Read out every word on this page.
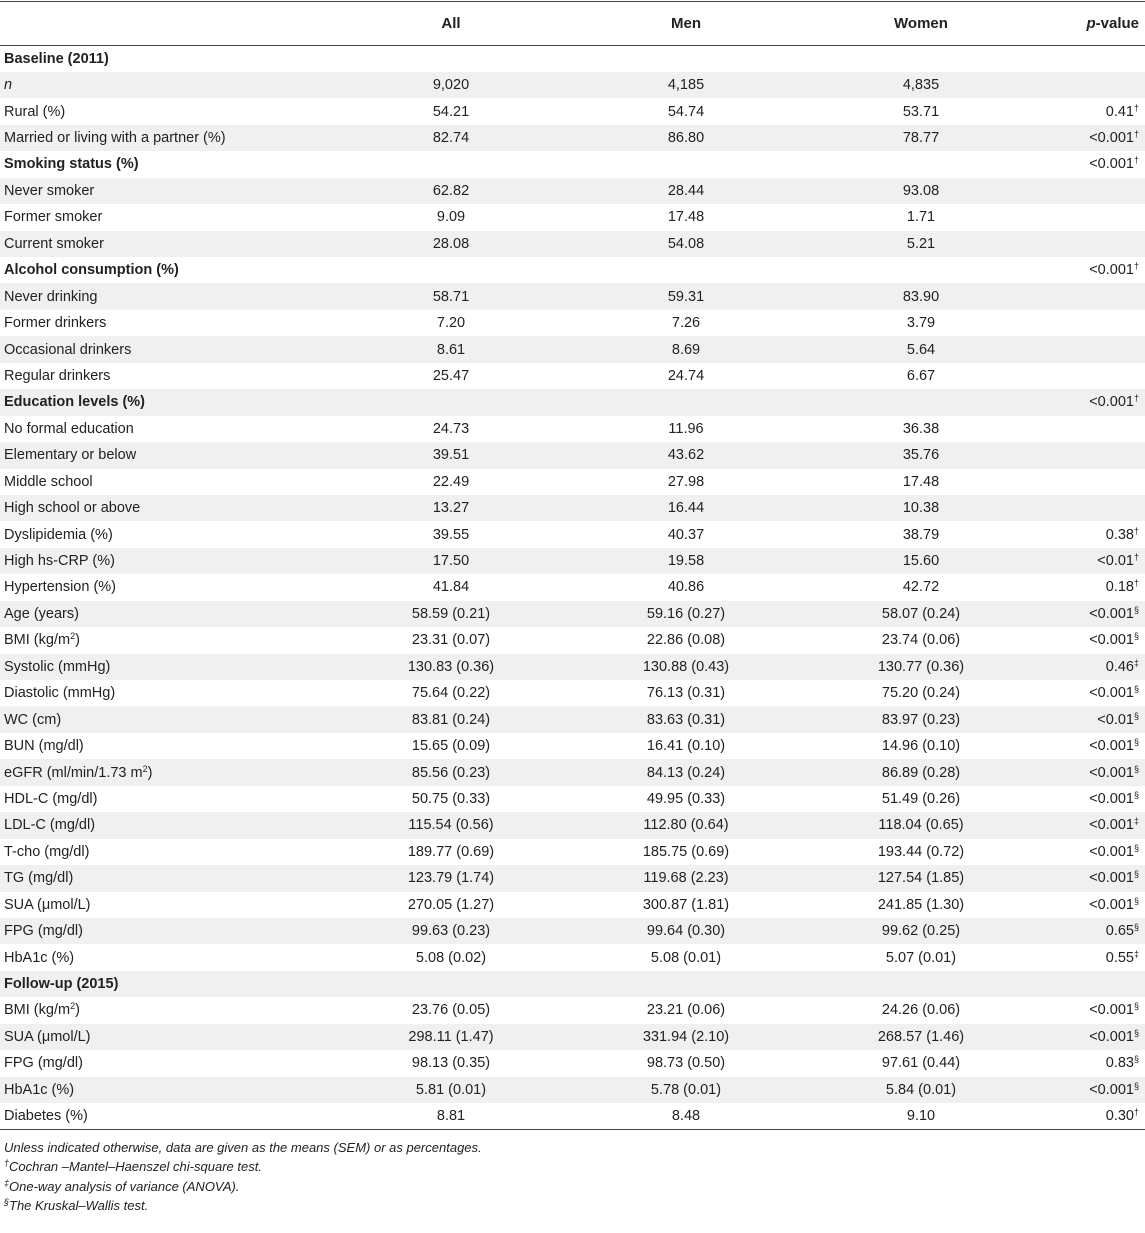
	All	Men	Women	p-value
Baseline (2011)				
n	9,020	4,185	4,835	
Rural (%)	54.21	54.74	53.71	0.41†
Married or living with a partner (%)	82.74	86.80	78.77	<0.001†
Smoking status (%)				<0.001†
Never smoker	62.82	28.44	93.08	
Former smoker	9.09	17.48	1.71	
Current smoker	28.08	54.08	5.21	
Alcohol consumption (%)				<0.001†
Never drinking	58.71	59.31	83.90	
Former drinkers	7.20	7.26	3.79	
Occasional drinkers	8.61	8.69	5.64	
Regular drinkers	25.47	24.74	6.67	
Education levels (%)				<0.001†
No formal education	24.73	11.96	36.38	
Elementary or below	39.51	43.62	35.76	
Middle school	22.49	27.98	17.48	
High school or above	13.27	16.44	10.38	
Dyslipidemia (%)	39.55	40.37	38.79	0.38†
High hs-CRP (%)	17.50	19.58	15.60	<0.01†
Hypertension (%)	41.84	40.86	42.72	0.18†
Age (years)	58.59 (0.21)	59.16 (0.27)	58.07 (0.24)	<0.001§
BMI $(kg/m^2)$	23.31 (0.07)	22.86 (0.08)	23.74 (0.06)	<0.001§
Systolic (mmHg)	130.83 (0.36)	130.88 (0.43)	130.77 (0.36)	0.46‡
Diastolic (mmHg)	75.64 (0.22)	76.13 (0.31)	75.20 (0.24)	<0.001§
WC (cm)	83.81 (0.24)	83.63 (0.31)	83.97 (0.23)	<0.01§
BUN (mg/dl)	15.65 (0.09)	16.41 (0.10)	14.96 (0.10)	<0.001§
eGFR (ml/min/1.73 $m^2$)	85.56 (0.23)	84.13 (0.24)	86.89 (0.28)	<0.001§
HDL-C (mg/dl)	50.75 (0.33)	49.95 (0.33)	51.49 (0.26)	<0.001§
LDL-C (mg/dl)	115.54 (0.56)	112.80 (0.64)	118.04 (0.65)	<0.001‡
T-cho (mg/dl)	189.77 (0.69)	185.75 (0.69)	193.44 (0.72)	<0.001§
TG (mg/dl)	123.79 (1.74)	119.68 (2.23)	127.54 (1.85)	<0.001§
SUA (μmol/L)	270.05 (1.27)	300.87 (1.81)	241.85 (1.30)	<0.001§
FPG (mg/dl)	99.63 (0.23)	99.64 (0.30)	99.62 (0.25)	0.65§
HbA1c (%)	5.08 (0.02)	5.08 (0.01)	5.07 (0.01)	0.55‡
Follow-up (2015)				
BMI $(kg/m^2)$	23.76 (0.05)	23.21 (0.06)	24.26 (0.06)	<0.001§
SUA (μmol/L)	298.11 (1.47)	331.94 (2.10)	268.57 (1.46)	<0.001§
FPG (mg/dl)	98.13 (0.35)	98.73 (0.50)	97.61 (0.44)	0.83§
HbA1c (%)	5.81 (0.01)	5.78 (0.01)	5.84 (0.01)	<0.001§
Diabetes (%)	8.81	8.48	9.10	0.30†
Unless indicated otherwise, data are given as the means (SEM) or as percentages.
†Cochran –Mantel–Haenszel chi-square test.
‡One-way analysis of variance (ANOVA).
§The Kruskal–Wallis test.
